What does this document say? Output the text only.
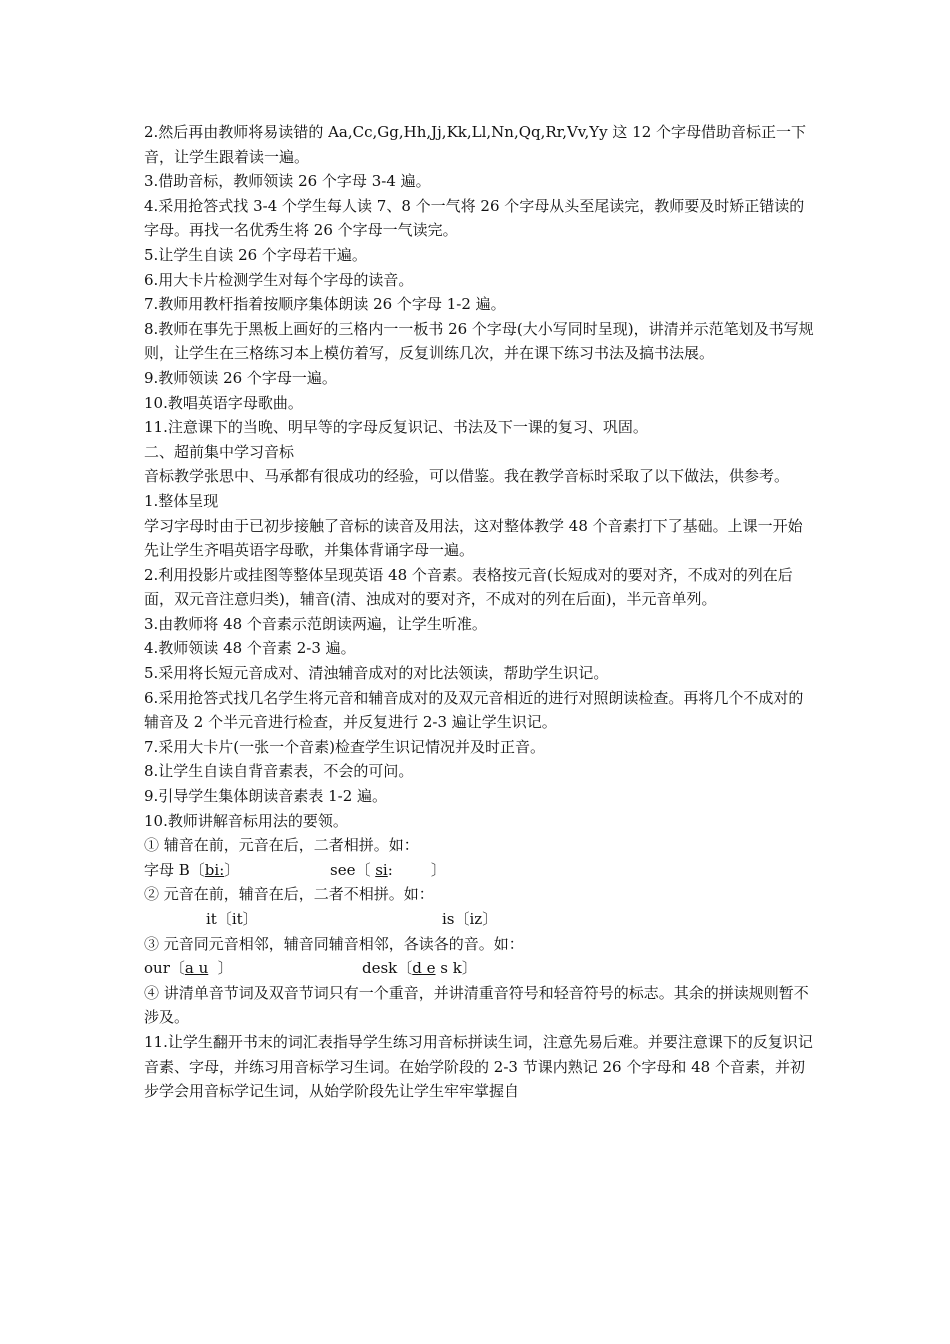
2.然后再由教师将易读错的 Aa,Cc,Gg,Hh,Jj,Kk,Ll,Nn,Qq,Rr,Vv,Yy 这 12 个字母借助音标正一下音，让学生跟着读一遍。

3.借助音标，教师领读 26 个字母 3-4 遍。

4.采用抢答式找 3-4 个学生每人读 7、8 个一气将 26 个字母从头至尾读完，教师要及时矫正错读的字母。再找一名优秀生将 26 个字母一气读完。

5.让学生自读 26 个字母若干遍。

6.用大卡片检测学生对每个字母的读音。

7.教师用教杆指着按顺序集体朗读 26 个字母 1-2 遍。

8.教师在事先于黑板上画好的三格内一一板书 26 个字母(大小写同时呈现)，讲清并示范笔划及书写规则，让学生在三格练习本上模仿着写，反复训练几次，并在课下练习书法及搞书法展。

9.教师领读 26 个字母一遍。

10.教唱英语字母歌曲。

11.注意课下的当晚、明早等的字母反复识记、书法及下一课的复习、巩固。

二、超前集中学习音标

音标教学张思中、马承都有很成功的经验，可以借鉴。我在教学音标时采取了以下做法，供参考。

1.整体呈现

学习字母时由于已初步接触了音标的读音及用法，这对整体教学 48 个音素打下了基础。上课一开始先让学生齐唱英语字母歌，并集体背诵字母一遍。

2.利用投影片或挂图等整体呈现英语 48 个音素。表格按元音(长短成对的要对齐，不成对的列在后面，双元音注意归类)，辅音(清、浊成对的要对齐，不成对的列在后面)，半元音单列。

3.由教师将 48 个音素示范朗读两遍，让学生听准。

4.教师领读 48 个音素 2-3 遍。

5.采用将长短元音成对、清浊辅音成对的对比法领读，帮助学生识记。

6.采用抢答式找几名学生将元音和辅音成对的及双元音相近的进行对照朗读检查。再将几个不成对的辅音及 2 个半元音进行检查，并反复进行 2-3 遍让学生识记。

7.采用大卡片(一张一个音素)检查学生识记情况并及时正音。

8.让学生自读自背音素表，不会的可问。

9.引导学生集体朗读音素表 1-2 遍。

10.教师讲解音标用法的要领。

① 辅音在前，元音在后，二者相拼。如：

字母 B〔bi:〕	see〔 si:        〕

② 元音在前，辅音在后，二者不相拼。如：

it〔it〕	is〔iz〕

③ 元音同元音相邻，辅音同辅音相邻，各读各的音。如：

our〔a u  〕	desk〔d e s k〕

④ 讲清单音节词及双音节词只有一个重音，并讲清重音符号和轻音符号的标志。其余的拼读规则暂不涉及。

11.让学生翻开书末的词汇表指导学生练习用音标拼读生词，注意先易后难。并要注意课下的反复识记音素、字母，并练习用音标学习生词。在始学阶段的 2-3 节课内熟记 26 个字母和 48 个音素，并初步学会用音标学记生词，从始学阶段先让学生牢牢掌握自
